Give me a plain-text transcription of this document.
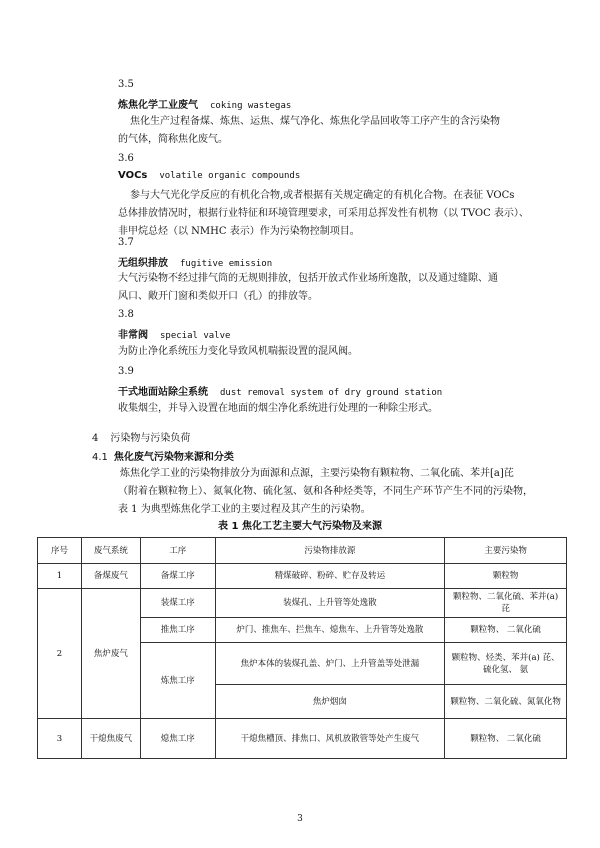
3.5
炼焦化学工业废气 coking wastegas
焦化生产过程备煤、炼焦、运焦、煤气净化、炼焦化学品回收等工序产生的含污染物
的气体，简称焦化废气。
3.6
VOCs volatile organic compounds
参与大气光化学反应的有机化合物,或者根据有关规定确定的有机化合物。在表征 VOCs
总体排放情况时，根据行业特征和环境管理要求，可采用总挥发性有机物（以 TVOC 表示）、
非甲烷总烃（以 NMHC 表示）作为污染物控制项目。
3.7
无组织排放 fugitive emission
大气污染物不经过排气筒的无规则排放，包括开放式作业场所逸散，以及通过缝隙、通
风口、敞开门窗和类似开口（孔）的排放等。
3.8
非常阀 special valve
为防止净化系统压力变化导致风机喘振设置的混风阀。
3.9
干式地面站除尘系统 dust removal system of dry ground station
收集烟尘，并导入设置在地面的烟尘净化系统进行处理的一种除尘形式。
4 污染物与污染负荷
4.1 焦化废气污染物来源和分类
炼焦化学工业的污染物排放分为面源和点源，主要污染物有颗粒物、二氧化硫、苯并[a]芘
（附着在颗粒物上）、氮氧化物、硫化氢、氨和各种烃类等，不同生产环节产生不同的污染物，
表 1 为典型炼焦化学工业的主要过程及其产生的污染物。
表 1 焦化工艺主要大气污染物及来源
序号	废气系统	工序	污染物排放源	主要污染物
1	备煤废气	备煤工序	精煤破碎、粉碎、贮存及转运	颗粒物
2	焦炉废气	装煤工序	装煤孔、上升管等处逸散	颗粒物、二氧化硫、苯并(a) 芘
		推焦工序	炉门、推焦车、拦焦车、熄焦车、上升管等处逸散	颗粒物、 二氧化硫
		炼焦工序	焦炉本体的装煤孔盖、炉门、上升管盖等处泄漏	颗粒物、烃类、苯并(a) 芘、硫化氢、 氨
			焦炉烟囱	颗粒物、二氧化硫、氮氧化物
3	干熄焦废气	熄焦工序	干熄焦槽顶、排焦口、风机放散管等处产生废气	颗粒物、 二氧化硫
3
